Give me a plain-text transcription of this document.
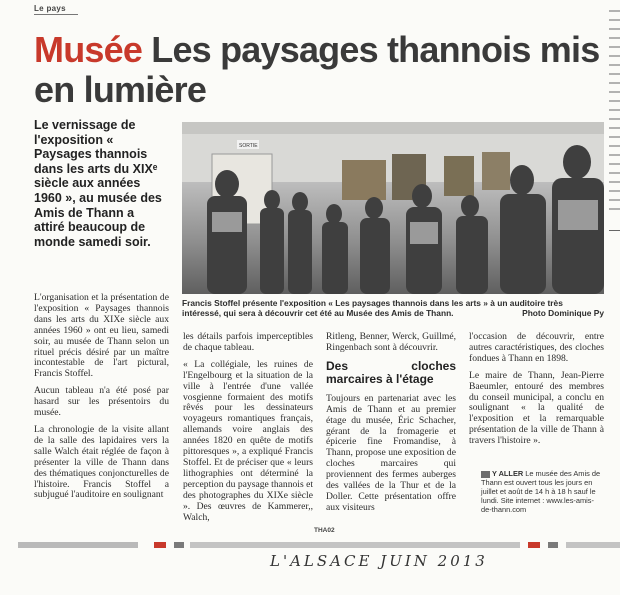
Le pays
Musée Les paysages thannois mis en lumière
Le vernissage de l'exposition « Paysages thannois dans les arts du XIXᵉ siècle aux années 1960 », au musée des Amis de Thann a attiré beaucoup de monde samedi soir.
SORTIE
Francis Stoffel présente l'exposition « Les paysages thannois dans les arts » à un auditoire très intéressé, qui sera à découvrir cet été au Musée des Amis de Thann.	Photo Dominique Py

L'organisation et la présentation de l'exposition « Paysages thannois dans les arts du XIXe siècle aux années 1960 » ont eu lieu, samedi soir, au musée de Thann selon un rituel précis désiré par un maître incontestable de l'art pictural, Francis Stoffel.

Aucun tableau n'a été posé par hasard sur les présentoirs du musée.

La chronologie de la visite allant de la salle des lapidaires vers la salle Walch était réglée de façon à présenter la ville de Thann dans des thématiques conjoncturelles de l'histoire. Francis Stoffel a subjugué l'auditoire en soulignant

les détails parfois imperceptibles de chaque tableau.

« La collégiale, les ruines de l'Engelbourg et la situation de la ville à l'entrée d'une vallée vosgienne formaient des motifs rêvés pour les dessinateurs voyageurs romantiques français, allemands voire anglais des années 1820 en quête de motifs pittoresques », a expliqué Francis Stoffel. Et de préciser que « leurs lithographies ont déterminé la perception du paysage thannois et des photographes du XIXe siècle ». Des œuvres de Kammerer,, Walch,

Ritleng, Benner, Werck, Guillmé, Ringenbach sont à découvrir.

Des cloches marcaires à l'étage

Toujours en partenariat avec les Amis de Thann et au premier étage du musée, Éric Schacher, gérant de la fromagerie et épicerie fine Fromandise, à Thann, propose une exposition de cloches marcaires qui proviennent des fermes auberges des vallées de la Thur et de la Doller. Cette présentation offre aux visiteurs

l'occasion de découvrir, entre autres caractéristiques, des cloches fondues à Thann en 1898.

Le maire de Thann, Jean-Pierre Baeumler, entouré des membres du conseil municipal, a conclu en soulignant « la qualité de l'exposition et la remarquable présentation de la ville de Thann à travers l'histoire ».

Y ALLER Le musée des Amis de Thann est ouvert tous les jours en juillet et août de 14 h à 18 h sauf le lundi. Site internet : www.les-amis-de-thann.com
THA02
L'ALSACE JUIN 2013
